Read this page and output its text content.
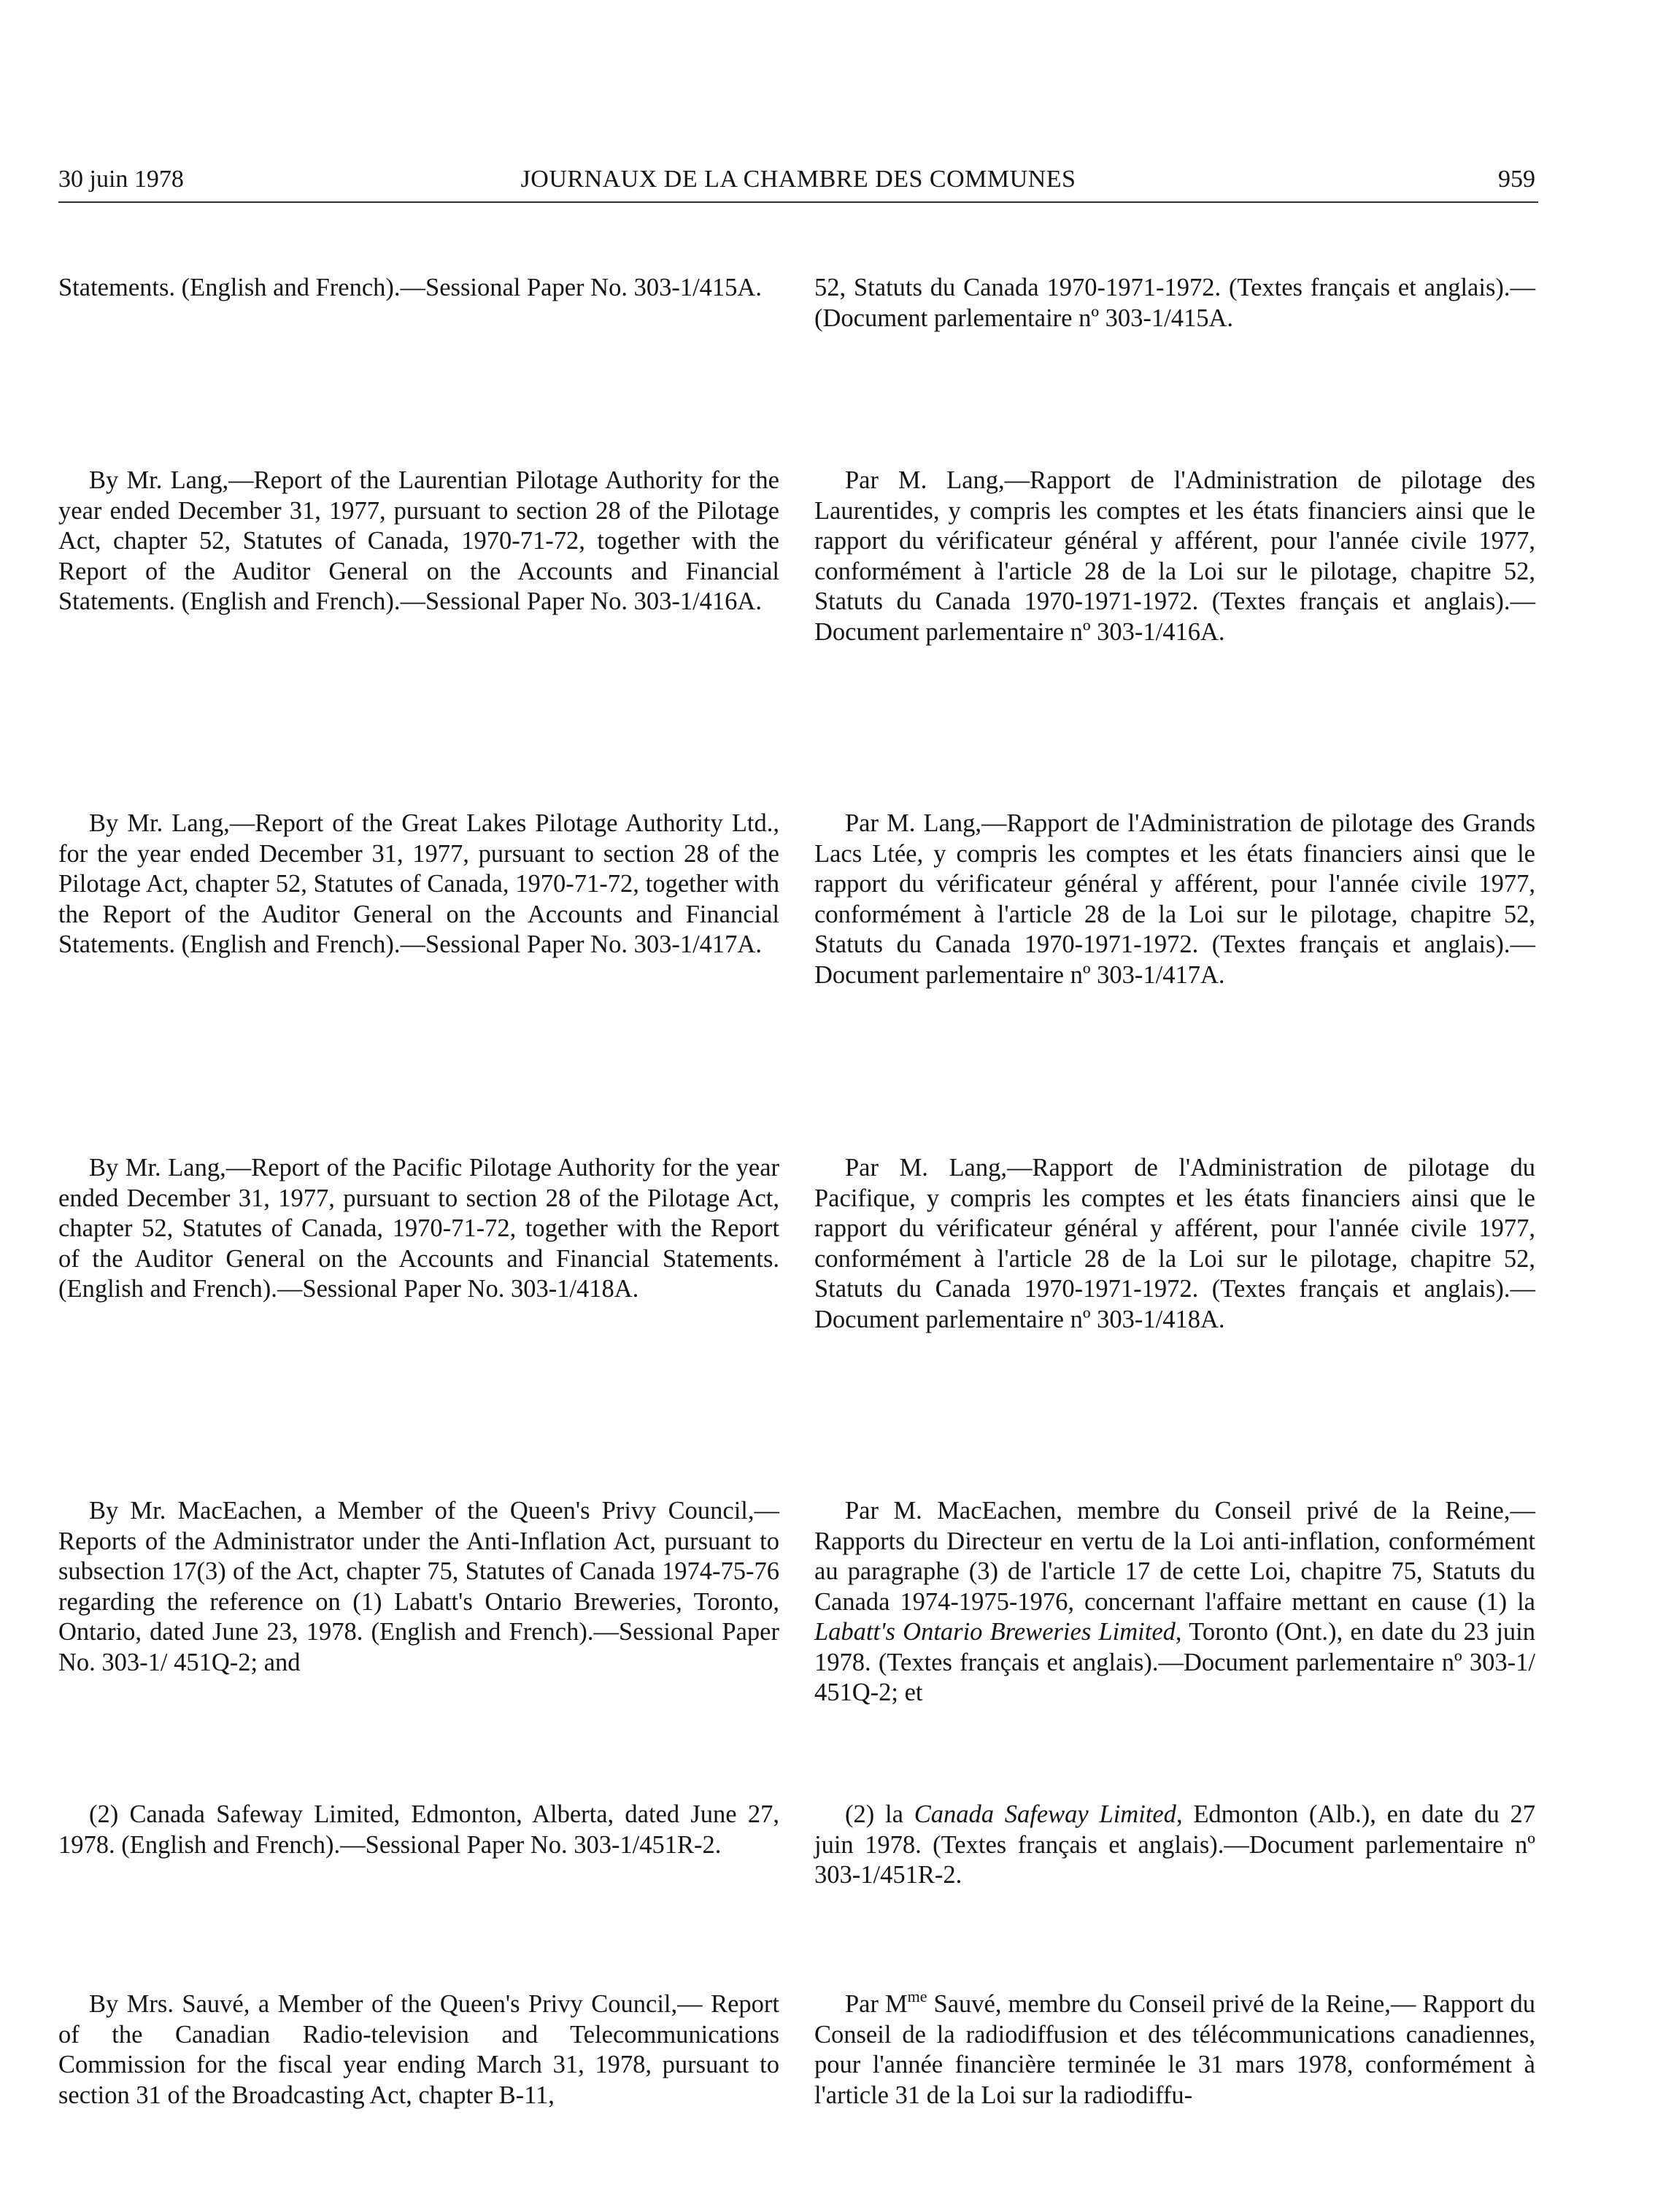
30 juin 1978	JOURNAUX DE LA CHAMBRE DES COMMUNES	959

Statements. (English and French).—Sessional Paper No. 303-1/415A.

By Mr. Lang,—Report of the Laurentian Pilotage Authority for the year ended December 31, 1977, pursuant to section 28 of the Pilotage Act, chapter 52, Statutes of Canada, 1970-71-72, together with the Report of the Auditor General on the Accounts and Financial Statements. (English and French).—Sessional Paper No. 303-1/416A.

By Mr. Lang,—Report of the Great Lakes Pilotage Authority Ltd., for the year ended December 31, 1977, pursuant to section 28 of the Pilotage Act, chapter 52, Statutes of Canada, 1970-71-72, together with the Report of the Auditor General on the Accounts and Financial Statements. (English and French).—Sessional Paper No. 303-1/417A.

By Mr. Lang,—Report of the Pacific Pilotage Authority for the year ended December 31, 1977, pursuant to section 28 of the Pilotage Act, chapter 52, Statutes of Canada, 1970-71-72, together with the Report of the Auditor General on the Accounts and Financial Statements. (English and French).—Sessional Paper No. 303-1/418A.

By Mr. MacEachen, a Member of the Queen's Privy Council,—Reports of the Administrator under the Anti-Inflation Act, pursuant to subsection 17(3) of the Act, chapter 75, Statutes of Canada 1974-75-76 regarding the reference on (1) Labatt's Ontario Breweries, Toronto, Ontario, dated June 23, 1978. (English and French).—Sessional Paper No. 303-1/ 451Q-2; and

(2) Canada Safeway Limited, Edmonton, Alberta, dated June 27, 1978. (English and French).—Sessional Paper No. 303-1/451R-2.

By Mrs. Sauvé, a Member of the Queen's Privy Council,— Report of the Canadian Radio-television and Telecommunications Commission for the fiscal year ending March 31, 1978, pursuant to section 31 of the Broadcasting Act, chapter B-11,

52, Statuts du Canada 1970-1971-1972. (Textes français et anglais).—(Document parlementaire nº 303-1/415A.

Par M. Lang,—Rapport de l'Administration de pilotage des Laurentides, y compris les comptes et les états financiers ainsi que le rapport du vérificateur général y afférent, pour l'année civile 1977, conformément à l'article 28 de la Loi sur le pilotage, chapitre 52, Statuts du Canada 1970-1971-1972. (Textes français et anglais).—Document parlementaire nº 303-1/416A.

Par M. Lang,—Rapport de l'Administration de pilotage des Grands Lacs Ltée, y compris les comptes et les états financiers ainsi que le rapport du vérificateur général y afférent, pour l'année civile 1977, conformément à l'article 28 de la Loi sur le pilotage, chapitre 52, Statuts du Canada 1970-1971-1972. (Textes français et anglais).—Document parlementaire nº 303-1/417A.

Par M. Lang,—Rapport de l'Administration de pilotage du Pacifique, y compris les comptes et les états financiers ainsi que le rapport du vérificateur général y afférent, pour l'année civile 1977, conformément à l'article 28 de la Loi sur le pilotage, chapitre 52, Statuts du Canada 1970-1971-1972. (Textes français et anglais).—Document parlementaire nº 303-1/418A.

Par M. MacEachen, membre du Conseil privé de la Reine,—Rapports du Directeur en vertu de la Loi anti-inflation, conformément au paragraphe (3) de l'article 17 de cette Loi, chapitre 75, Statuts du Canada 1974-1975-1976, concernant l'affaire mettant en cause (1) la Labatt's Ontario Breweries Limited, Toronto (Ont.), en date du 23 juin 1978. (Textes français et anglais).—Document parlementaire nº 303-1/ 451Q-2; et

(2) la Canada Safeway Limited, Edmonton (Alb.), en date du 27 juin 1978. (Textes français et anglais).—Document parlementaire nº 303-1/451R-2.

Par $M^{me}$ Sauvé, membre du Conseil privé de la Reine,— Rapport du Conseil de la radiodiffusion et des télécommunications canadiennes, pour l'année financière terminée le 31 mars 1978, conformément à l'article 31 de la Loi sur la radiodiffu-
